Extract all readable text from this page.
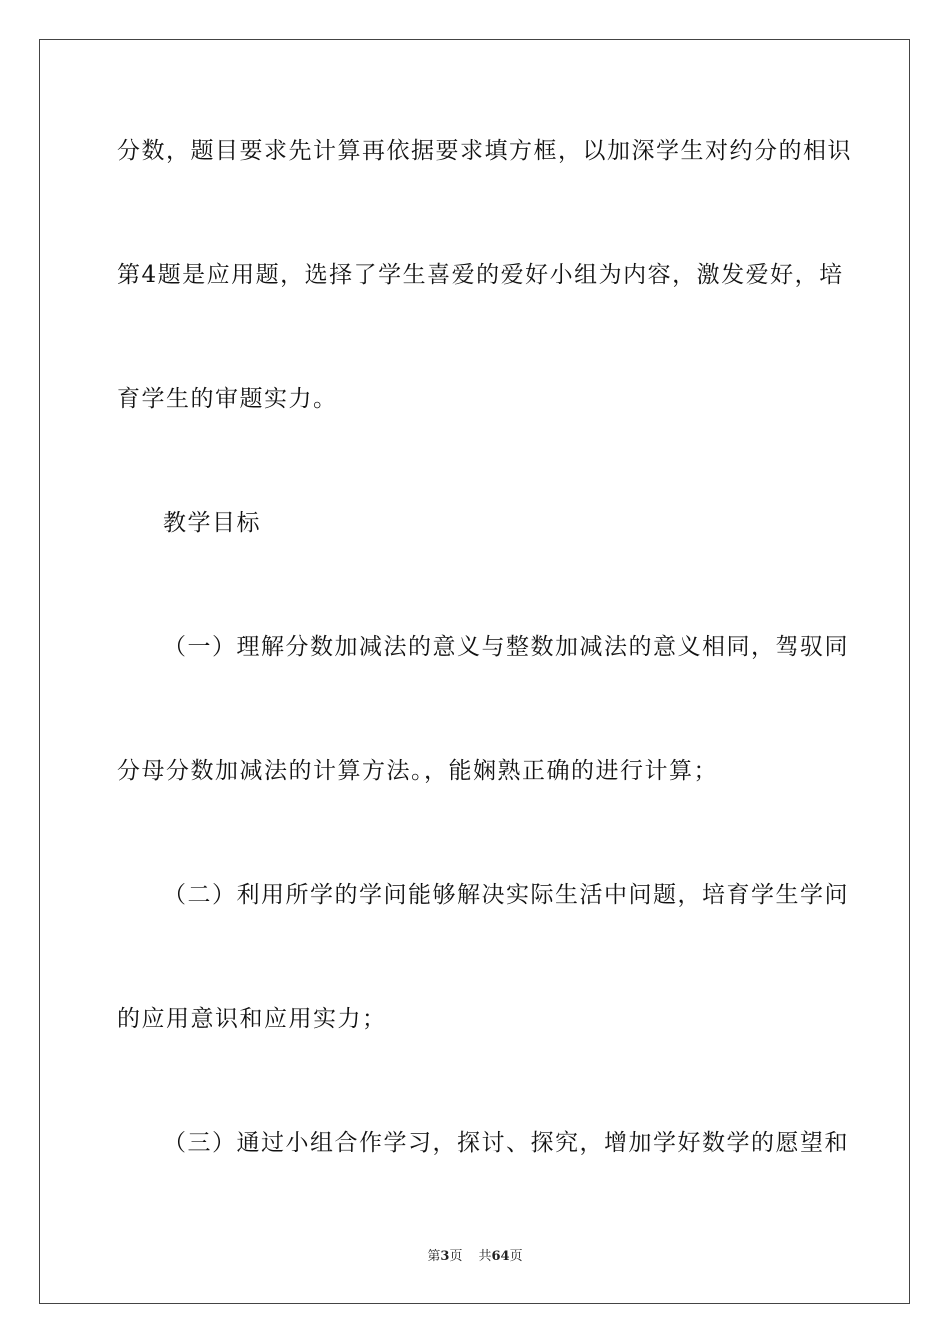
分数，题目要求先计算再依据要求填方框，以加深学生对约分的相识
第4题是应用题，选择了学生喜爱的爱好小组为内容，激发爱好，培
育学生的审题实力。
教学目标
（一）理解分数加减法的意义与整数加减法的意义相同，驾驭同
分母分数加减法的计算方法。，能娴熟正确的进行计算；
（二）利用所学的学问能够解决实际生活中问题，培育学生学问
的应用意识和应用实力；
（三）通过小组合作学习，探讨、探究，增加学好数学的愿望和
第3页 共64页
